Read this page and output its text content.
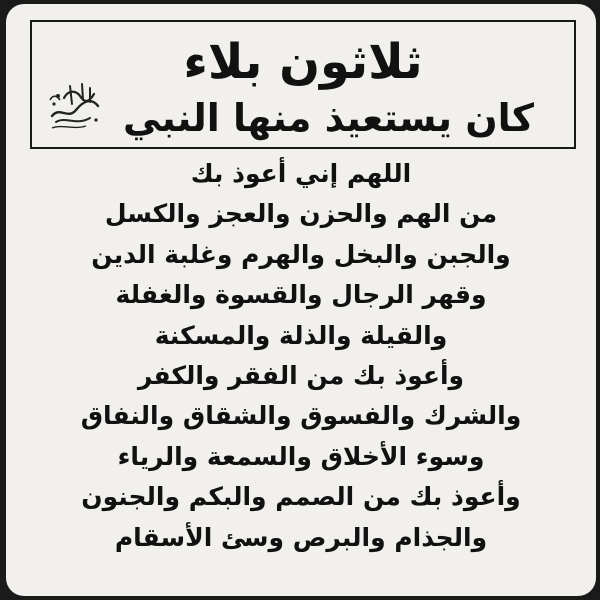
ثلاثون بلاء
كان يستعيذ منها النبي
اللهم إني أعوذ بك
من الهم والحزن والعجز والكسل
والجبن والبخل والهرم وغلبة الدين
وقهر الرجال والقسوة والغفلة
والقيلة والذلة والمسكنة
وأعوذ بك من الفقر والكفر
والشرك والفسوق والشقاق والنفاق
وسوء الأخلاق والسمعة والرياء
وأعوذ بك من الصمم والبكم والجنون
والجذام والبرص وسئ الأسقام
